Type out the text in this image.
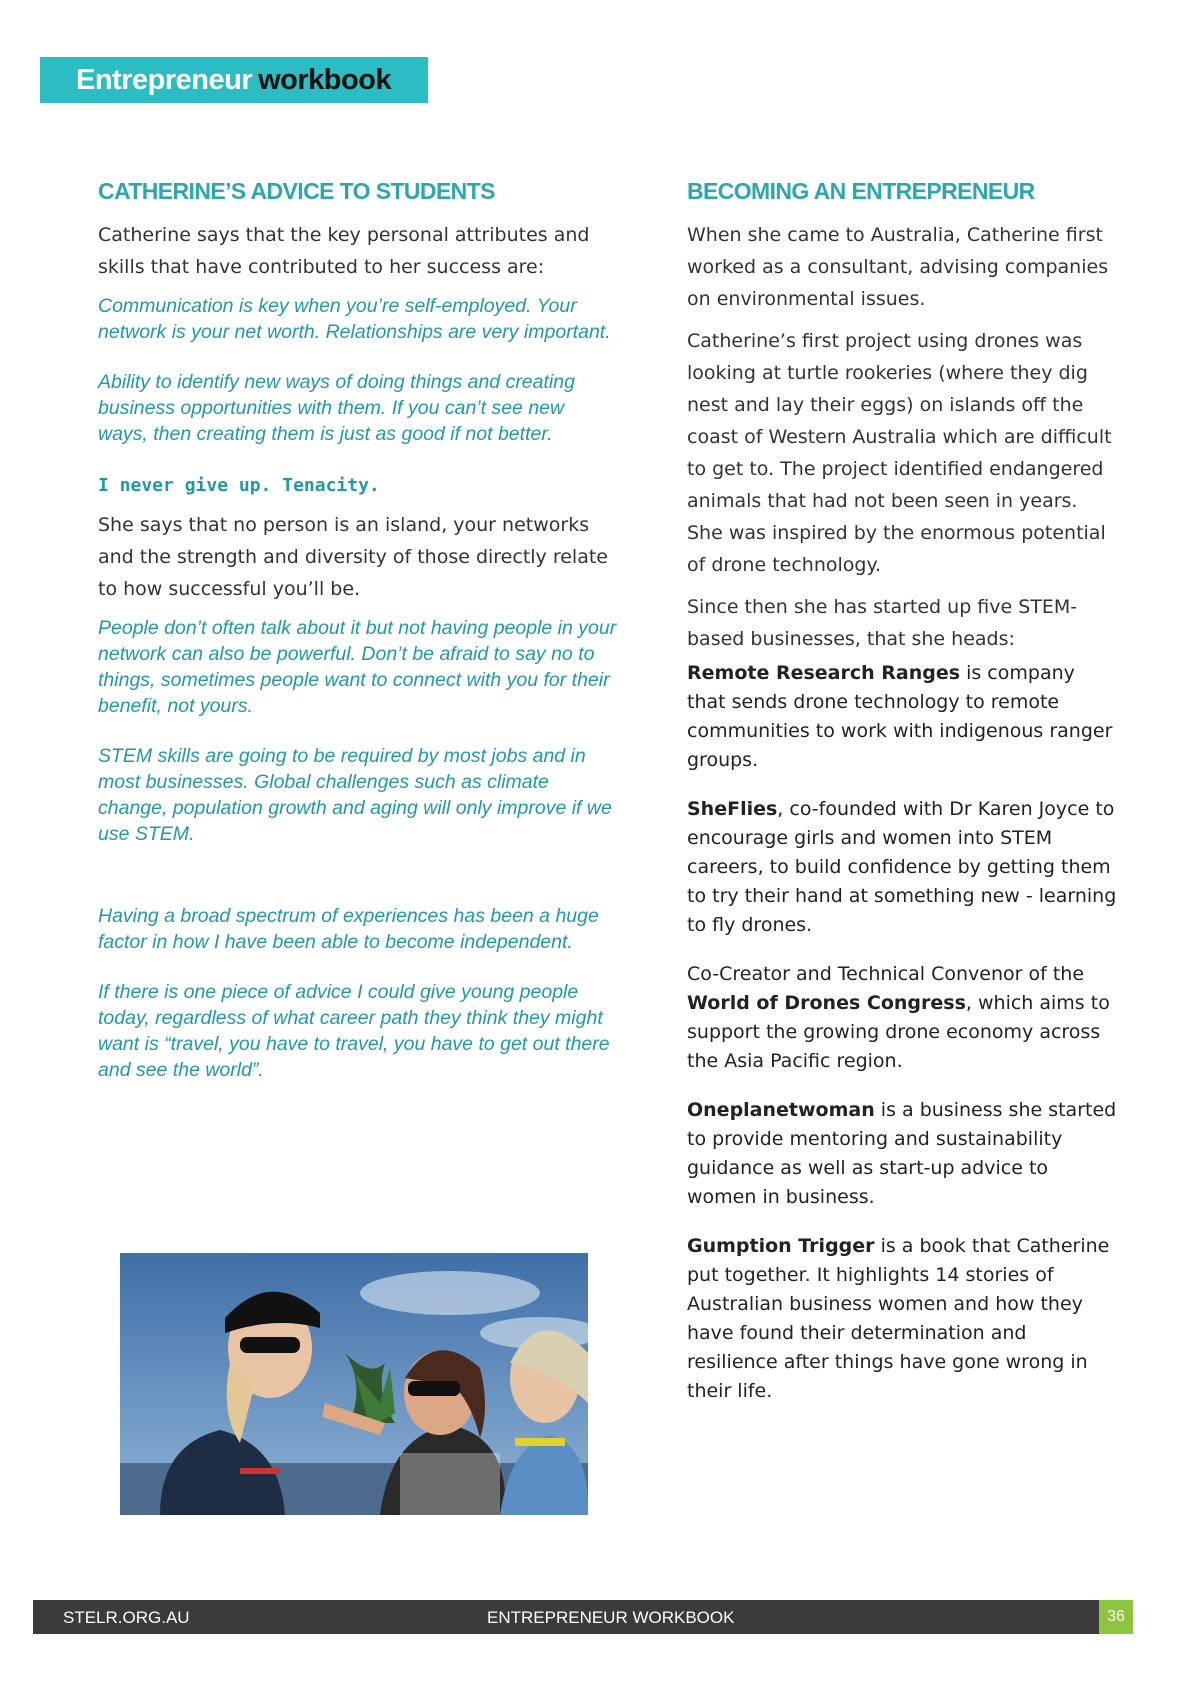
Entrepreneur workbook
CATHERINE’S ADVICE TO STUDENTS

Catherine says that the key personal attributes and skills that have contributed to her success are:

Communication is key when you’re self-employed. Your network is your net worth. Relationships are very important.

Ability to identify new ways of doing things and creating business opportunities with them. If you can’t see new ways, then creating them is just as good if not better.

I never give up. Tenacity.

She says that no person is an island, your networks and the strength and diversity of those directly relate to how successful you’ll be.

People don’t often talk about it but not having people in your network can also be powerful. Don’t be afraid to say no to things, sometimes people want to connect with you for their benefit, not yours.

STEM skills are going to be required by most jobs and in most businesses. Global challenges such as climate change, population growth and aging will only improve if we use STEM.

Having a broad spectrum of experiences has been a huge factor in how I have been able to become independent.

If there is one piece of advice I could give young people today, regardless of what career path they think they might want is “travel, you have to travel, you have to get out there and see the world”.

BECOMING AN ENTREPRENEUR

When she came to Australia, Catherine first worked as a consultant, advising companies on environmental issues.

Catherine’s first project using drones was looking at turtle rookeries (where they dig nest and lay their eggs) on islands off the coast of Western Australia which are difficult to get to. The project identified endangered animals that had not been seen in years. She was inspired by the enormous potential of drone technology.

Since then she has started up five STEM-based businesses, that she heads:

Remote Research Ranges is company that sends drone technology to remote communities to work with indigenous ranger groups.
SheFlies, co-founded with Dr Karen Joyce to encourage girls and women into STEM careers, to build confidence by getting them to try their hand at something new - learning to fly drones.
Co-Creator and Technical Convenor of the World of Drones Congress, which aims to support the growing drone economy across the Asia Pacific region.
Oneplanetwoman is a business she started to provide mentoring and sustainability guidance as well as start-up advice to women in business.
Gumption Trigger is a book that Catherine put together. It highlights 14 stories of Australian business women and how they have found their determination and resilience after things have gone wrong in their life.
STELR.ORG.AU	ENTREPRENEUR WORKBOOK	36
